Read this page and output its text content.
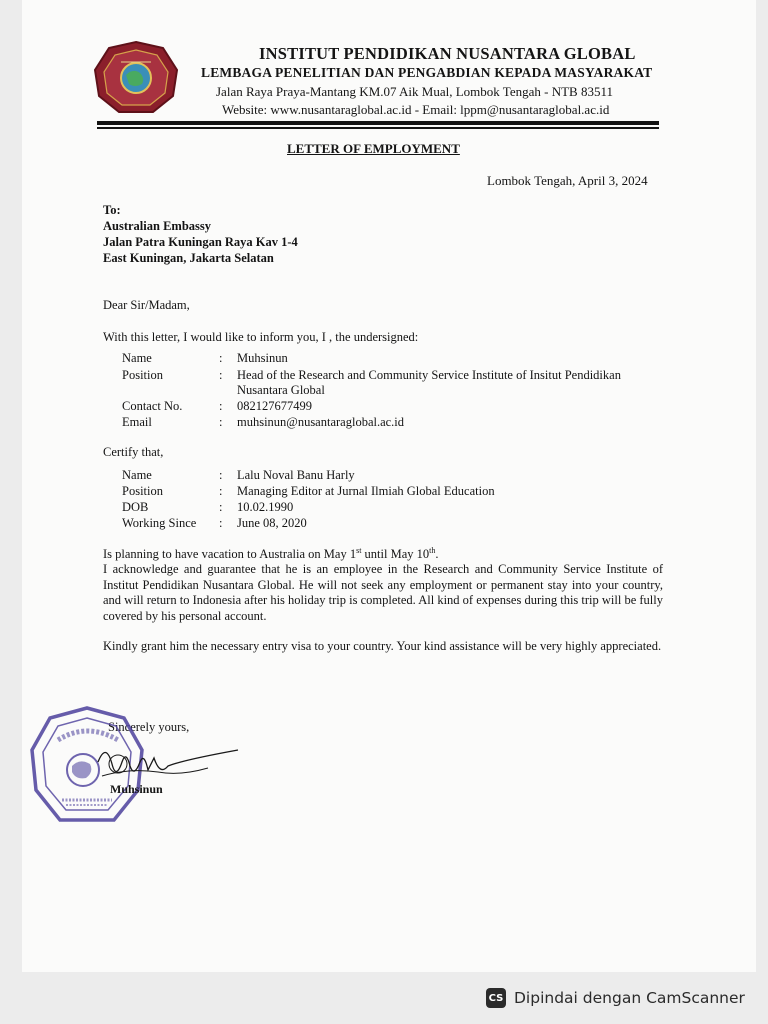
INSTITUT PENDIDIKAN NUSANTARA GLOBAL
LEMBAGA PENELITIAN DAN PENGABDIAN KEPADA MASYARAKAT
Jalan Raya Praya-Mantang KM.07 Aik Mual, Lombok Tengah - NTB 83511
Website: www.nusantaraglobal.ac.id - Email: lppm@nusantaraglobal.ac.id
LETTER OF EMPLOYMENT
Lombok Tengah, April 3, 2024
To:
Australian Embassy
Jalan Patra Kuningan Raya Kav 1-4
East Kuningan, Jakarta Selatan
Dear Sir/Madam,
With this letter, I would like to inform you, I , the undersigned:
Name	: Muhsinun
Position	: Head of the Research and Community Service Institute of Insitut Pendidikan
Nusantara Global
Contact No.	: 082127677499
Email	: muhsinun@nusantaraglobal.ac.id
Certify that,
Name	: Lalu Noval Banu Harly
Position	: Managing Editor at Jurnal Ilmiah Global Education
DOB	: 10.02.1990
Working Since : June 08, 2020
Is planning to have vacation to Australia on May 1st until May 10th.
I acknowledge and guarantee that he is an employee in the Research and Community Service Institute of Institut Pendidikan Nusantara Global. He will not seek any employment or permanent stay into your country, and will return to Indonesia after his holiday trip is completed. All kind of expenses during this trip will be fully covered by his personal account.
Kindly grant him the necessary entry visa to your country. Your kind assistance will be very highly appreciated.
Sincerely yours,
Muhsinun
CS Dipindai dengan CamScanner
